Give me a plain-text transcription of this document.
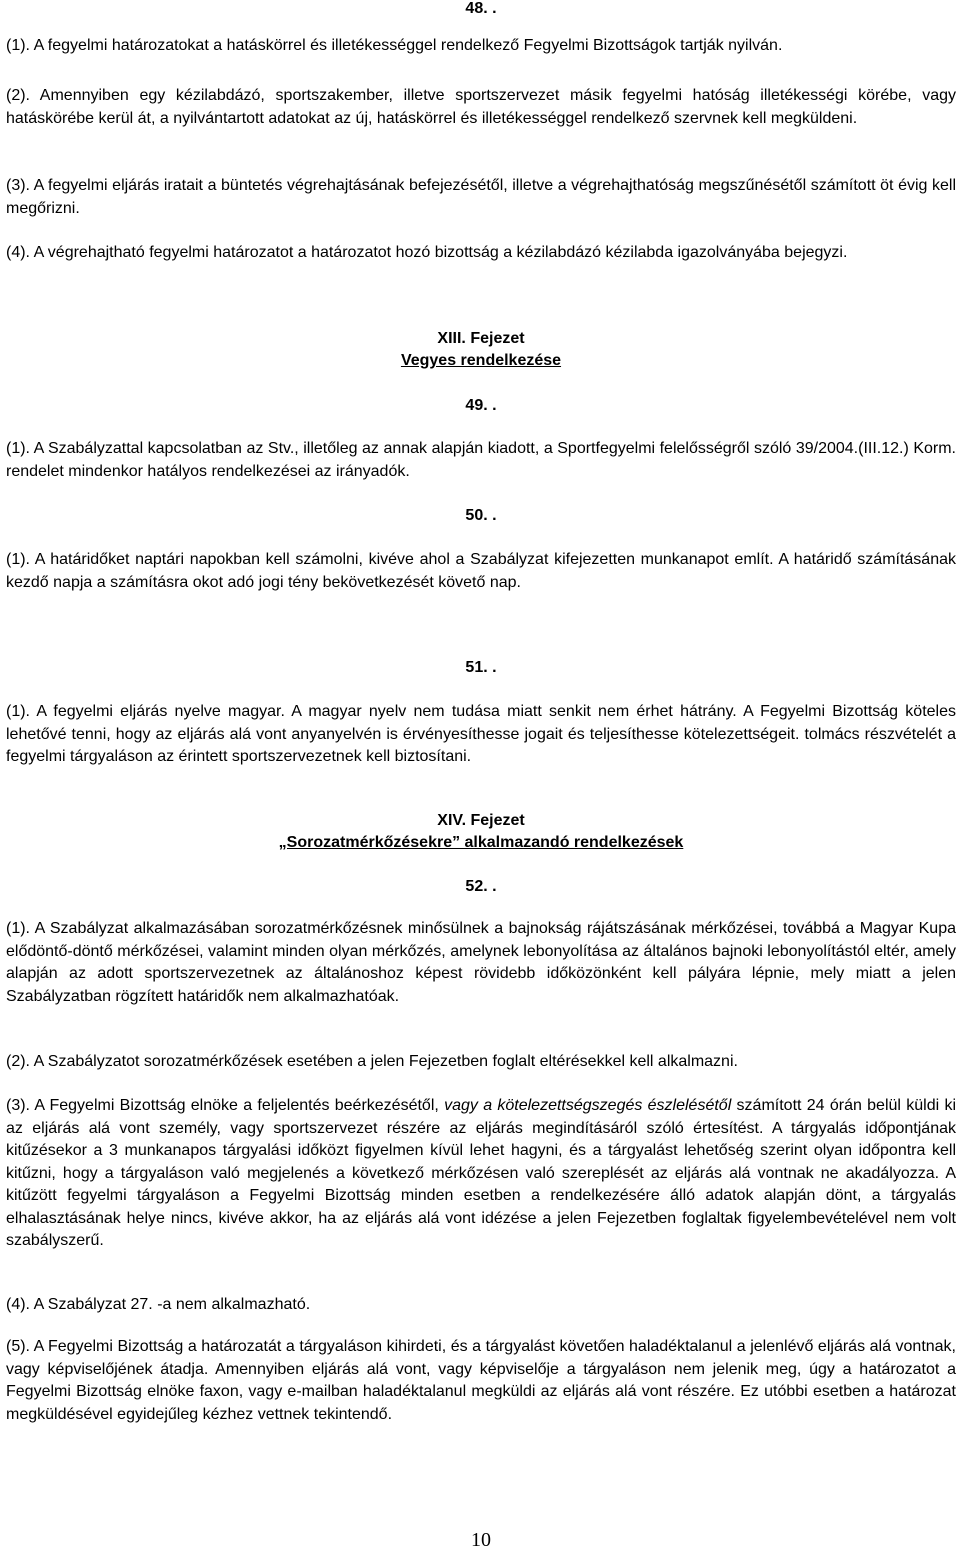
48. .

(1). A fegyelmi határozatokat a hatáskörrel és illetékességgel rendelkező Fegyelmi Bizottságok tartják nyilván.

(2). Amennyiben egy kézilabdázó, sportszakember, illetve sportszervezet másik fegyelmi hatóság illetékességi körébe, vagy hatáskörébe kerül át, a nyilvántartott adatokat az új, hatáskörrel és illetékességgel rendelkező szervnek kell megküldeni.

(3). A fegyelmi eljárás iratait a büntetés végrehajtásának befejezésétől, illetve a végrehajthatóság megszűnésétől számított öt évig kell megőrizni.

(4). A végrehajtható fegyelmi határozatot a határozatot hozó bizottság a kézilabdázó kézilabda igazolványába bejegyzi.

XIII. Fejezet
Vegyes rendelkezése
49. .

(1). A Szabályzattal kapcsolatban az Stv., illetőleg az annak alapján kiadott, a Sportfegyelmi felelősségről szóló 39/2004.(III.12.) Korm. rendelet mindenkor hatályos rendelkezései az irányadók.

50. .

(1). A határidőket naptári napokban kell számolni, kivéve ahol a Szabályzat kifejezetten munkanapot említ. A határidő számításának kezdő napja a számításra okot adó jogi tény bekövetkezését követő nap.

51. .

(1). A fegyelmi eljárás nyelve magyar. A magyar nyelv nem tudása miatt senkit nem érhet hátrány. A Fegyelmi Bizottság köteles lehetővé tenni, hogy az eljárás alá vont anyanyelvén is érvényesíthesse jogait és teljesíthesse kötelezettségeit. tolmács részvételét a fegyelmi tárgyaláson az érintett sportszervezetnek kell biztosítani.

XIV. Fejezet
„Sorozatmérkőzésekre” alkalmazandó rendelkezések
52. .

(1). A Szabályzat alkalmazásában sorozatmérkőzésnek minősülnek a bajnokság rájátszásának mérkőzései, továbbá a Magyar Kupa elődöntő-döntő mérkőzései, valamint minden olyan mérkőzés, amelynek lebonyolítása az általános bajnoki lebonyolítástól eltér, amely alapján az adott sportszervezetnek az általánoshoz képest rövidebb időközönként kell pályára lépnie, mely miatt a jelen Szabályzatban rögzített határidők nem alkalmazhatóak.

(2). A Szabályzatot sorozatmérkőzések esetében a jelen Fejezetben foglalt eltérésekkel kell alkalmazni.

(3). A Fegyelmi Bizottság elnöke a feljelentés beérkezésétől, vagy a kötelezettségszegés észlelésétől számított 24 órán belül küldi ki az eljárás alá vont személy, vagy sportszervezet részére az eljárás megindításáról szóló értesítést. A tárgyalás időpontjának kitűzésekor a 3 munkanapos tárgyalási időközt figyelmen kívül lehet hagyni, és a tárgyalást lehetőség szerint olyan időpontra kell kitűzni, hogy a tárgyaláson való megjelenés a következő mérkőzésen való szereplését az eljárás alá vontnak ne akadályozza. A kitűzött fegyelmi tárgyaláson a Fegyelmi Bizottság minden esetben a rendelkezésére álló adatok alapján dönt, a tárgyalás elhalasztásának helye nincs, kivéve akkor, ha az eljárás alá vont idézése a jelen Fejezetben foglaltak figyelembevételével nem volt szabályszerű.

(4). A Szabályzat 27. -a nem alkalmazható.

(5). A Fegyelmi Bizottság a határozatát a tárgyaláson kihirdeti, és a tárgyalást követően haladéktalanul a jelenlévő eljárás alá vontnak, vagy képviselőjének átadja. Amennyiben eljárás alá vont, vagy képviselője a tárgyaláson nem jelenik meg, úgy a határozatot a Fegyelmi Bizottság elnöke faxon, vagy e-mailban haladéktalanul megküldi az eljárás alá vont részére. Ez utóbbi esetben a határozat megküldésével egyidejűleg kézhez vettnek tekintendő.

10
